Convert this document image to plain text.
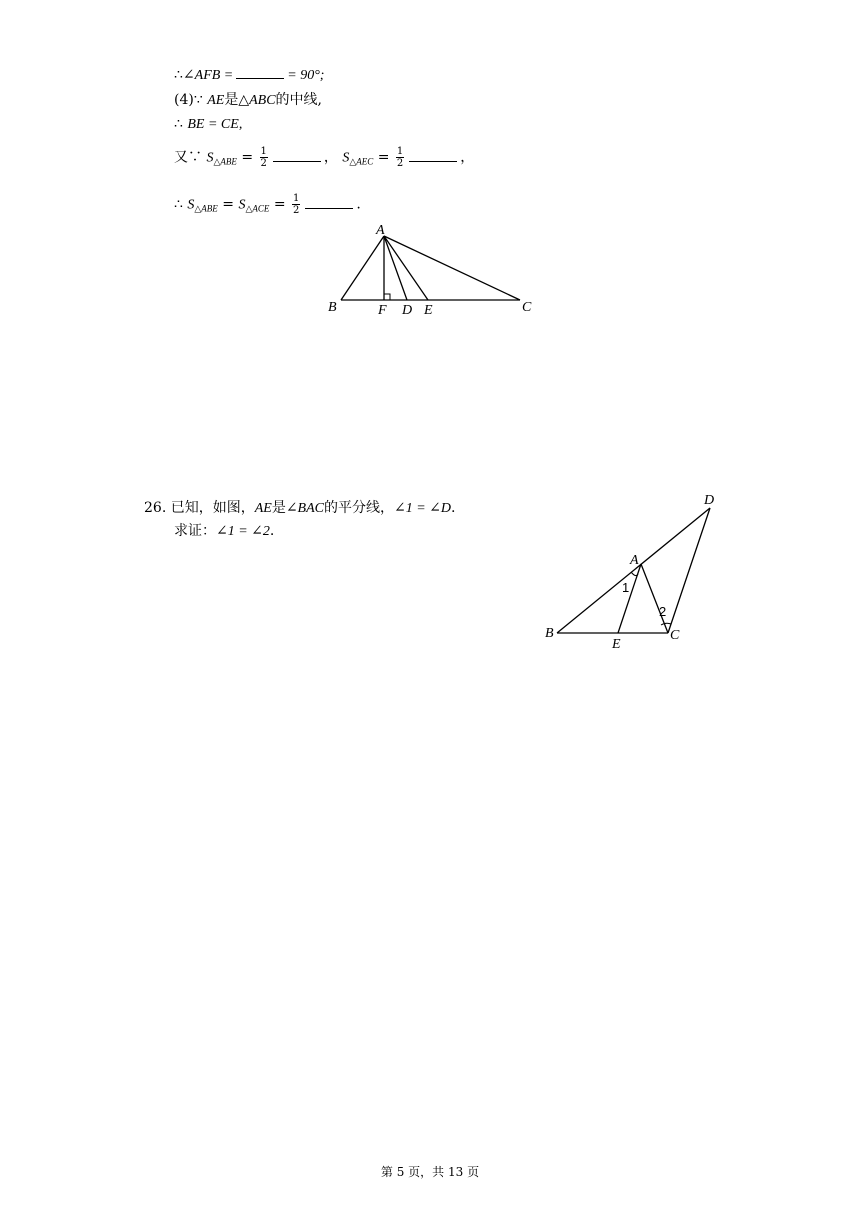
∴∠AFB =	= 90°;
(4)∵ AE是△ABC的中线,
∴ BE = CE,
又∵ $S_{\triangle ABE} = \frac{1}{2}$	， $S_{\triangle AEC} = \frac{1}{2}$	，
∴ $S_{\triangle ABE} = S_{\triangle ACE} = \frac{1}{2}$	.
A
B	F D E	C
26. 已知，如图，AE是∠BAC的平分线，∠1 = ∠D.
求证：∠1 = ∠2.
D
A
1
2
B
E
C
第 5 页，共 13 页
